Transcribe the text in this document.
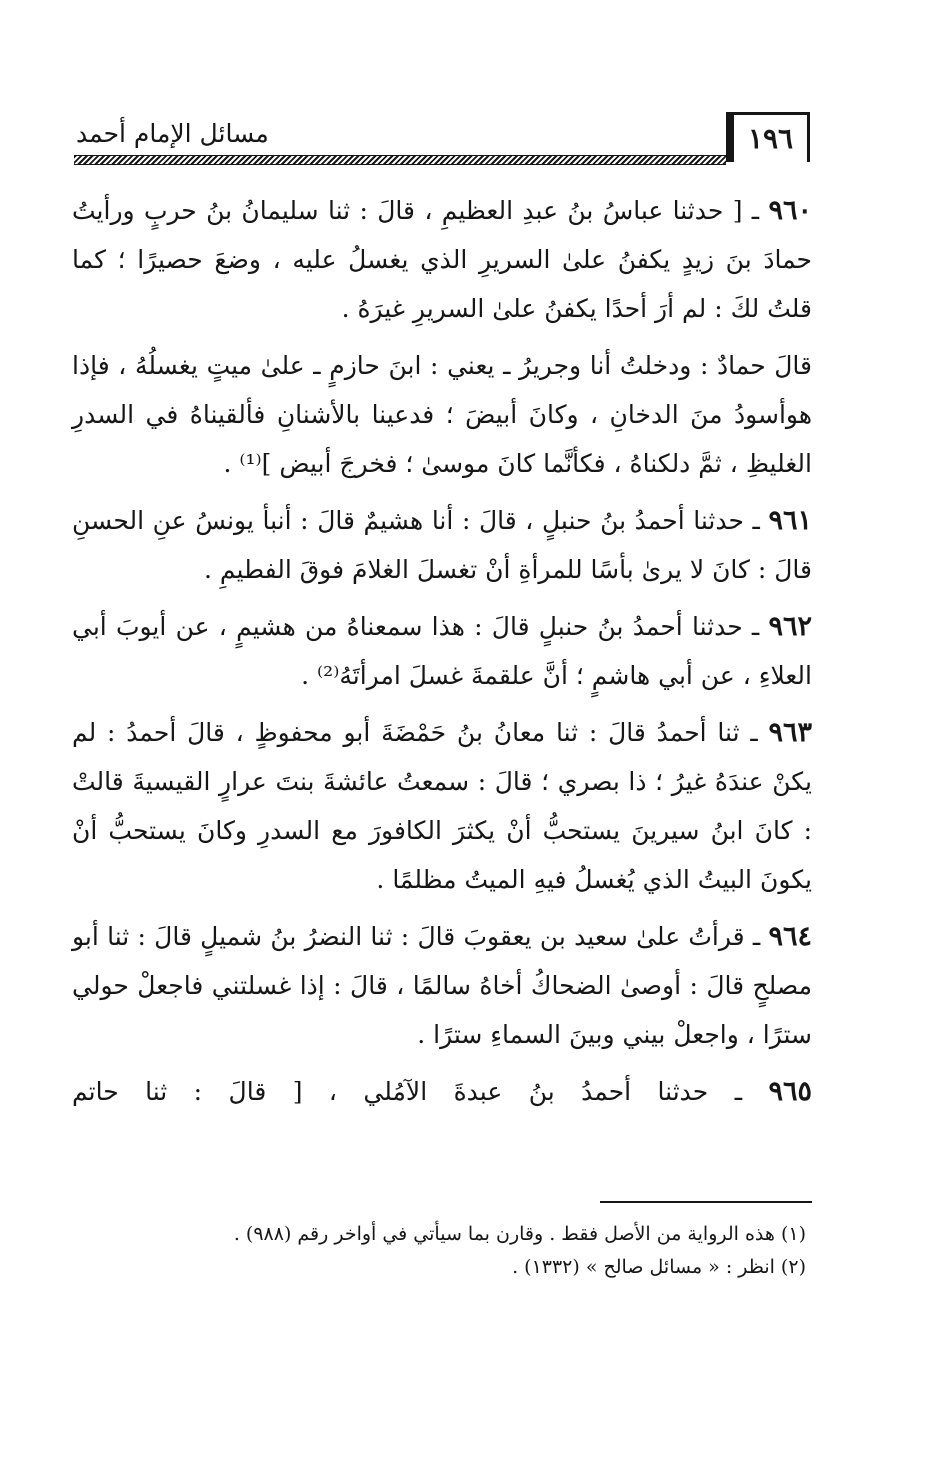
١٩٦
مسائل الإمام أحمد

٩٦٠ ـ [ حدثنا عباسُ بنُ عبدِ العظيمِ ، قالَ : ثنا سليمانُ بنُ حربٍ ورأيتُ حمادَ بنَ زيدٍ يكفنُ علىٰ السريرِ الذي يغسلُ عليه ، وضعَ حصيرًا ؛ كما قلتُ لكَ : لم أرَ أحدًا يكفنُ علىٰ السريرِ غيرَهُ .

قالَ حمادٌ : ودخلتُ أنا وجريرُ ـ يعني : ابنَ حازمٍ ـ علىٰ ميتٍ يغسلُهُ ، فإذا هوأسودُ منَ الدخانِ ، وكانَ أبيضَ ؛ فدعينا بالأشنانِ فألقيناهُ في السدرِ الغليظِ ، ثمَّ دلكناهُ ، فكأنَّما كانَ موسىٰ ؛ فخرجَ أبيض ]⁽¹⁾ .

٩٦١ ـ حدثنا أحمدُ بنُ حنبلٍ ، قالَ : أنا هشيمٌ قالَ : أنبأ يونسُ عنِ الحسنِ قالَ : كانَ لا يرىٰ بأسًا للمرأةِ أنْ تغسلَ الغلامَ فوقَ الفطيمِ .

٩٦٢ ـ حدثنا أحمدُ بنُ حنبلٍ قالَ : هذا سمعناهُ من هشيمٍ ، عن أيوبَ أبي العلاءِ ، عن أبي هاشمٍ ؛ أنَّ علقمةَ غسلَ امرأتَهُ⁽²⁾ .

٩٦٣ ـ ثنا أحمدُ قالَ : ثنا معانُ بنُ حَمْضَةَ أبو محفوظٍ ، قالَ أحمدُ : لم يكنْ عندَهُ غيرُ ؛ ذا بصري ؛ قالَ : سمعتُ عائشةَ بنتَ عرارٍ القيسيةَ قالتْ : كانَ ابنُ سيرينَ يستحبُّ أنْ يكثرَ الكافورَ مع السدرِ وكانَ يستحبُّ أنْ يكونَ البيتُ الذي يُغسلُ فيهِ الميتُ مظلمًا .

٩٦٤ ـ قرأتُ علىٰ سعيد بن يعقوبَ قالَ : ثنا النضرُ بنُ شميلٍ قالَ : ثنا أبو مصلحٍ قالَ : أوصىٰ الضحاكُ أخاهُ سالمًا ، قالَ : إذا غسلتني فاجعلْ حولي سترًا ، واجعلْ بيني وبينَ السماءِ سترًا .

٩٦٥ ـ حدثنا أحمدُ بنُ عبدةَ الآمُلي ، [ قالَ : ثنا حاتم

(١) هذه الرواية من الأصل فقط . وقارن بما سيأتي في أواخر رقم (٩٨٨) .

(٢) انظر : « مسائل صالح » (١٣٣٢) .
